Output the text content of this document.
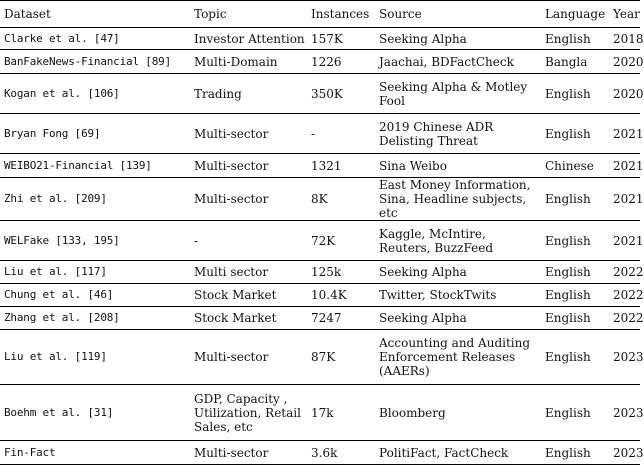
Dataset	Topic	Instances	Source	Language	Year
Clarke et al. [47]	Investor Attention	157K	Seeking Alpha	English	2018
BanFakeNews-Financial [89]	Multi-Domain	1226	Jaachai, BDFactCheck	Bangla	2020
Kogan et al. [106]	Trading	350K	Seeking Alpha & Motley Fool	English	2020
Bryan Fong [69]	Multi-sector	-	2019 Chinese ADR Delisting Threat	English	2021
WEIBO21-Financial [139]	Multi-sector	1321	Sina Weibo	Chinese	2021
Zhi et al. [209]	Multi-sector	8K	East Money Information, Sina, Headline subjects, etc	English	2021
WELFake [133, 195]	-	72K	Kaggle, McIntire, Reuters, BuzzFeed	English	2021
Liu et al. [117]	Multi sector	125k	Seeking Alpha	English	2022
Chung et al. [46]	Stock Market	10.4K	Twitter, StockTwits	English	2022
Zhang et al. [208]	Stock Market	7247	Seeking Alpha	English	2022
Liu et al. [119]	Multi-sector	87K	Accounting and Auditing Enforcement Releases (AAERs)	English	2023
Boehm et al. [31]	GDP, Capacity , Utilization, Retail Sales, etc	17k	Bloomberg	English	2023
Fin-Fact	Multi-sector	3.6k	PolitiFact, FactCheck	English	2023
